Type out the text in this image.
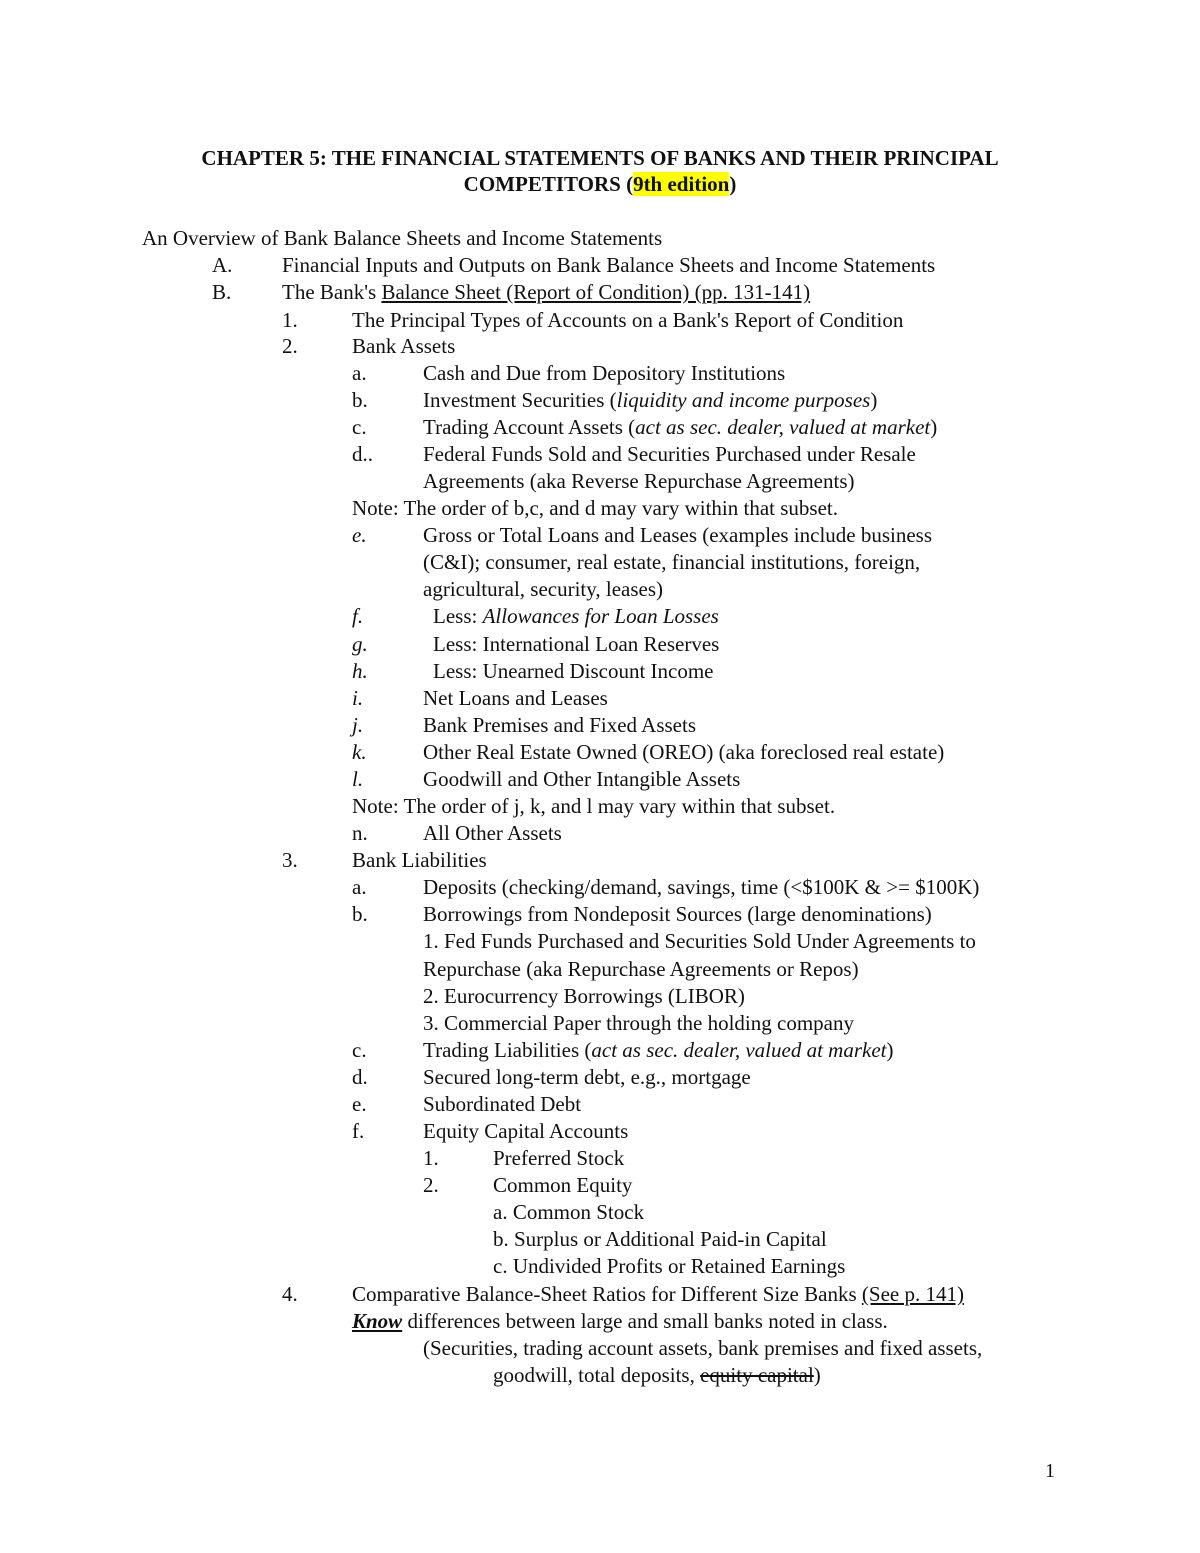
CHAPTER 5: THE FINANCIAL STATEMENTS OF BANKS AND THEIR PRINCIPAL
COMPETITORS (9th edition)
An Overview of Bank Balance Sheets and Income Statements
A. Financial Inputs and Outputs on Bank Balance Sheets and Income Statements
B. The Bank's Balance Sheet (Report of Condition) (pp. 131-141)
1.	The Principal Types of Accounts on a Bank's Report of Condition
2.	Bank Assets
a.	Cash and Due from Depository Institutions
b.	Investment Securities (liquidity and income purposes)
c.	Trading Account Assets (act as sec. dealer, valued at market)
d.. Federal Funds Sold and Securities Purchased under Resale
Agreements (aka Reverse Repurchase Agreements)
Note: The order of b,c, and d may vary within that subset.
e.	Gross or Total Loans and Leases (examples include business
(C&I); consumer, real estate, financial institutions, foreign,
agricultural, security, leases)
f.	Less: Allowances for Loan Losses
g.	Less: International Loan Reserves
h.	Less: Unearned Discount Income
i.	Net Loans and Leases
j.	Bank Premises and Fixed Assets
k.	Other Real Estate Owned (OREO) (aka foreclosed real estate)
l.	Goodwill and Other Intangible Assets
Note: The order of j, k, and l may vary within that subset.
n.	All Other Assets
3.	Bank Liabilities
a.	Deposits (checking/demand, savings, time (<$100K & >= $100K)
b.	Borrowings from Nondeposit Sources (large denominations)
1. Fed Funds Purchased and Securities Sold Under Agreements to
Repurchase (aka Repurchase Agreements or Repos)
2. Eurocurrency Borrowings (LIBOR)
3. Commercial Paper through the holding company
c.	Trading Liabilities (act as sec. dealer, valued at market)
d.	Secured long-term debt, e.g., mortgage
e.	Subordinated Debt
f.	Equity Capital Accounts
1.	Preferred Stock
2.	Common Equity
a. Common Stock
b. Surplus or Additional Paid-in Capital
c. Undivided Profits or Retained Earnings
4.	Comparative Balance-Sheet Ratios for Different Size Banks (See p. 141)
Know differences between large and small banks noted in class.
(Securities, trading account assets, bank premises and fixed assets,
goodwill, total deposits, equity capital)
1
